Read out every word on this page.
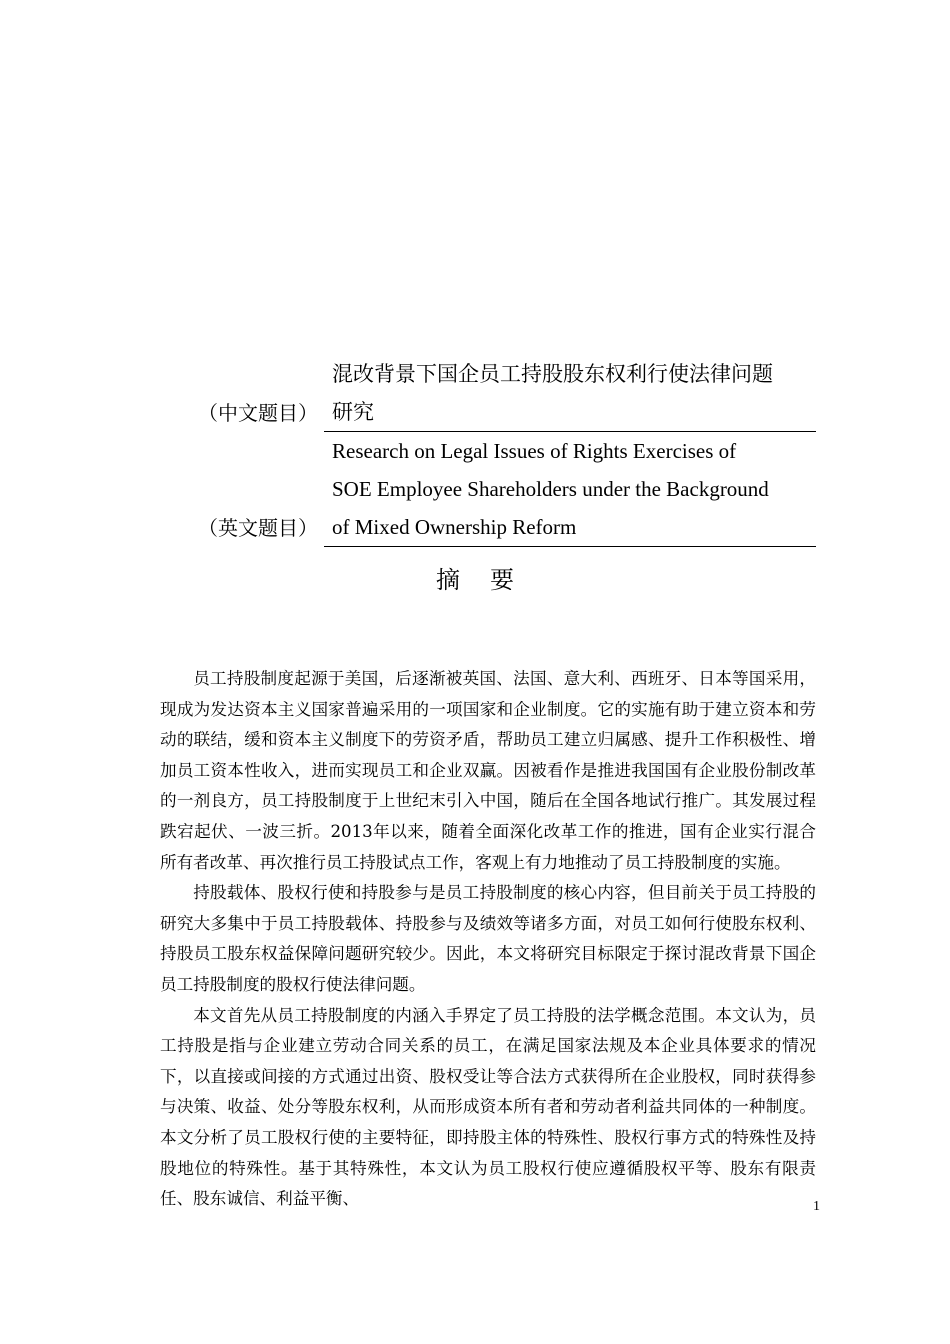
（中文题目）
混改背景下国企员工持股股东权利行使法律问题
研究
（英文题目）
Research on Legal Issues of Rights Exercises of
SOE Employee Shareholders under the Background
of Mixed Ownership Reform
摘要

员工持股制度起源于美国，后逐渐被英国、法国、意大利、西班牙、日本等国采用，现成为发达资本主义国家普遍采用的一项国家和企业制度。它的实施有助于建立资本和劳动的联结，缓和资本主义制度下的劳资矛盾，帮助员工建立归属感、提升工作积极性、增加员工资本性收入，进而实现员工和企业双赢。因被看作是推进我国国有企业股份制改革的一剂良方，员工持股制度于上世纪末引入中国，随后在全国各地试行推广。其发展过程跌宕起伏、一波三折。2013年以来，随着全面深化改革工作的推进，国有企业实行混合所有者改革、再次推行员工持股试点工作，客观上有力地推动了员工持股制度的实施。

持股载体、股权行使和持股参与是员工持股制度的核心内容，但目前关于员工持股的研究大多集中于员工持股载体、持股参与及绩效等诸多方面，对员工如何行使股东权利、持股员工股东权益保障问题研究较少。因此，本文将研究目标限定于探讨混改背景下国企员工持股制度的股权行使法律问题。

本文首先从员工持股制度的内涵入手界定了员工持股的法学概念范围。本文认为，员工持股是指与企业建立劳动合同关系的员工，在满足国家法规及本企业具体要求的情况下，以直接或间接的方式通过出资、股权受让等合法方式获得所在企业股权，同时获得参与决策、收益、处分等股东权利，从而形成资本所有者和劳动者利益共同体的一种制度。本文分析了员工股权行使的主要特征，即持股主体的特殊性、股权行事方式的特殊性及持股地位的特殊性。基于其特殊性，本文认为员工股权行使应遵循股权平等、股东有限责任、股东诚信、利益平衡、	1
